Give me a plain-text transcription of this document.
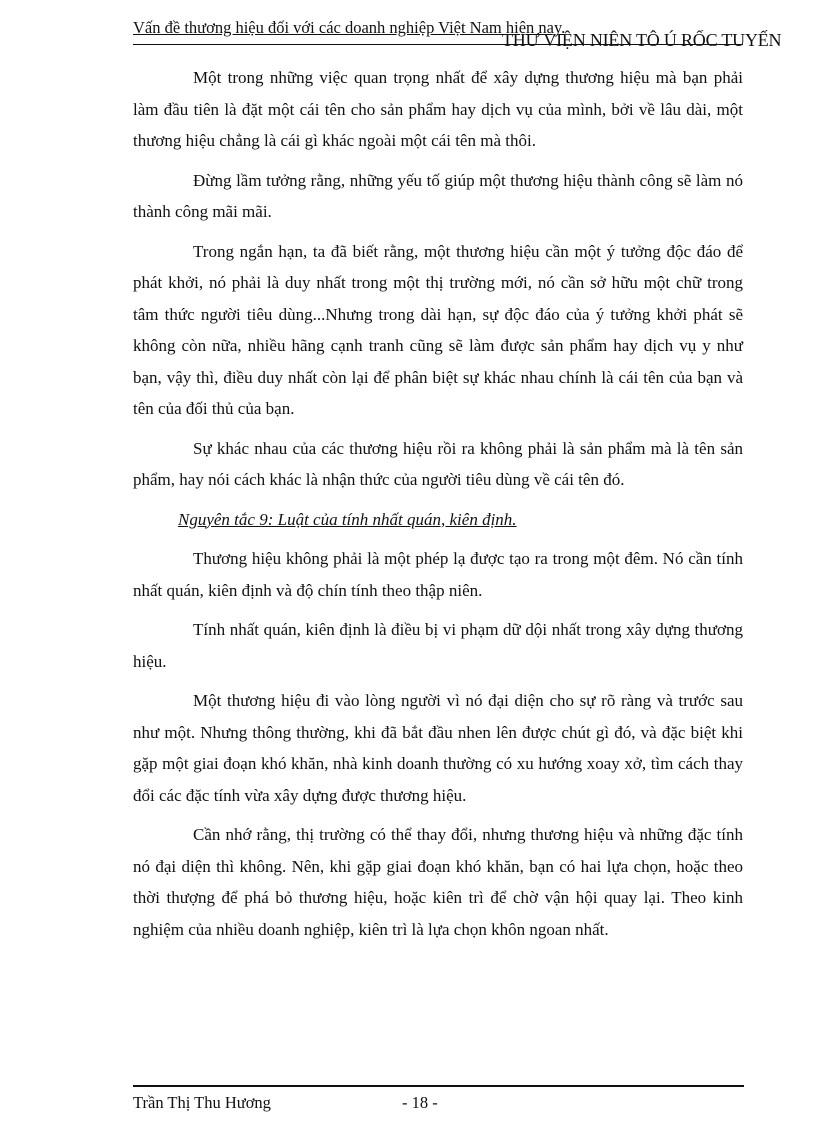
Vấn đề thương hiệu đối với các doanh nghiệp Việt Nam hiện nay.
THƯ VIỆN NIÊN TÔ Ú RỐC TUYẾN

Một trong những việc quan trọng nhất để xây dựng thương hiệu mà bạn phải làm đầu tiên là đặt một cái tên cho sản phẩm hay dịch vụ của mình, bởi về lâu dài, một thương hiệu chẳng là cái gì khác ngoài một cái tên mà thôi.

Đừng lầm tưởng rằng, những yếu tố giúp một thương hiệu thành công sẽ làm nó thành công mãi mãi.

Trong ngắn hạn, ta đã biết rằng, một thương hiệu cần một ý tưởng độc đáo để phát khởi, nó phải là duy nhất trong một thị trường mới, nó cần sở hữu một chữ trong tâm thức người tiêu dùng...Nhưng trong dài hạn, sự độc đáo của ý tưởng khởi phát sẽ không còn nữa, nhiều hãng cạnh tranh cũng sẽ làm được sản phẩm hay dịch vụ y như bạn, vậy thì, điều duy nhất còn lại để phân biệt sự khác nhau chính là cái tên của bạn và tên của đối thủ của bạn.

Sự khác nhau của các thương hiệu rồi ra không phải là sản phẩm mà là tên sản phẩm, hay nói cách khác là nhận thức của người tiêu dùng về cái tên đó.

Nguyên tắc 9: Luật của tính nhất quán, kiên định.

Thương hiệu không phải là một phép lạ được tạo ra trong một đêm. Nó cần tính nhất quán, kiên định và độ chín tính theo thập niên.

Tính nhất quán, kiên định là điều bị vi phạm dữ dội nhất trong xây dựng thương hiệu.

Một thương hiệu đi vào lòng người vì nó đại diện cho sự rõ ràng và trước sau như một. Nhưng thông thường, khi đã bắt đầu nhen lên được chút gì đó, và đặc biệt khi gặp một giai đoạn khó khăn, nhà kinh doanh thường có xu hướng xoay xở, tìm cách thay đổi các đặc tính vừa xây dựng được thương hiệu.

Cần nhớ rằng, thị trường có thể thay đổi, nhưng thương hiệu và những đặc tính nó đại diện thì không. Nên, khi gặp giai đoạn khó khăn, bạn có hai lựa chọn, hoặc theo thời thượng để phá bỏ thương hiệu, hoặc kiên trì để chờ vận hội quay lại. Theo kinh nghiệm của nhiều doanh nghiệp, kiên trì là lựa chọn khôn ngoan nhất.

Trần Thị Thu Hương	- 18 -
